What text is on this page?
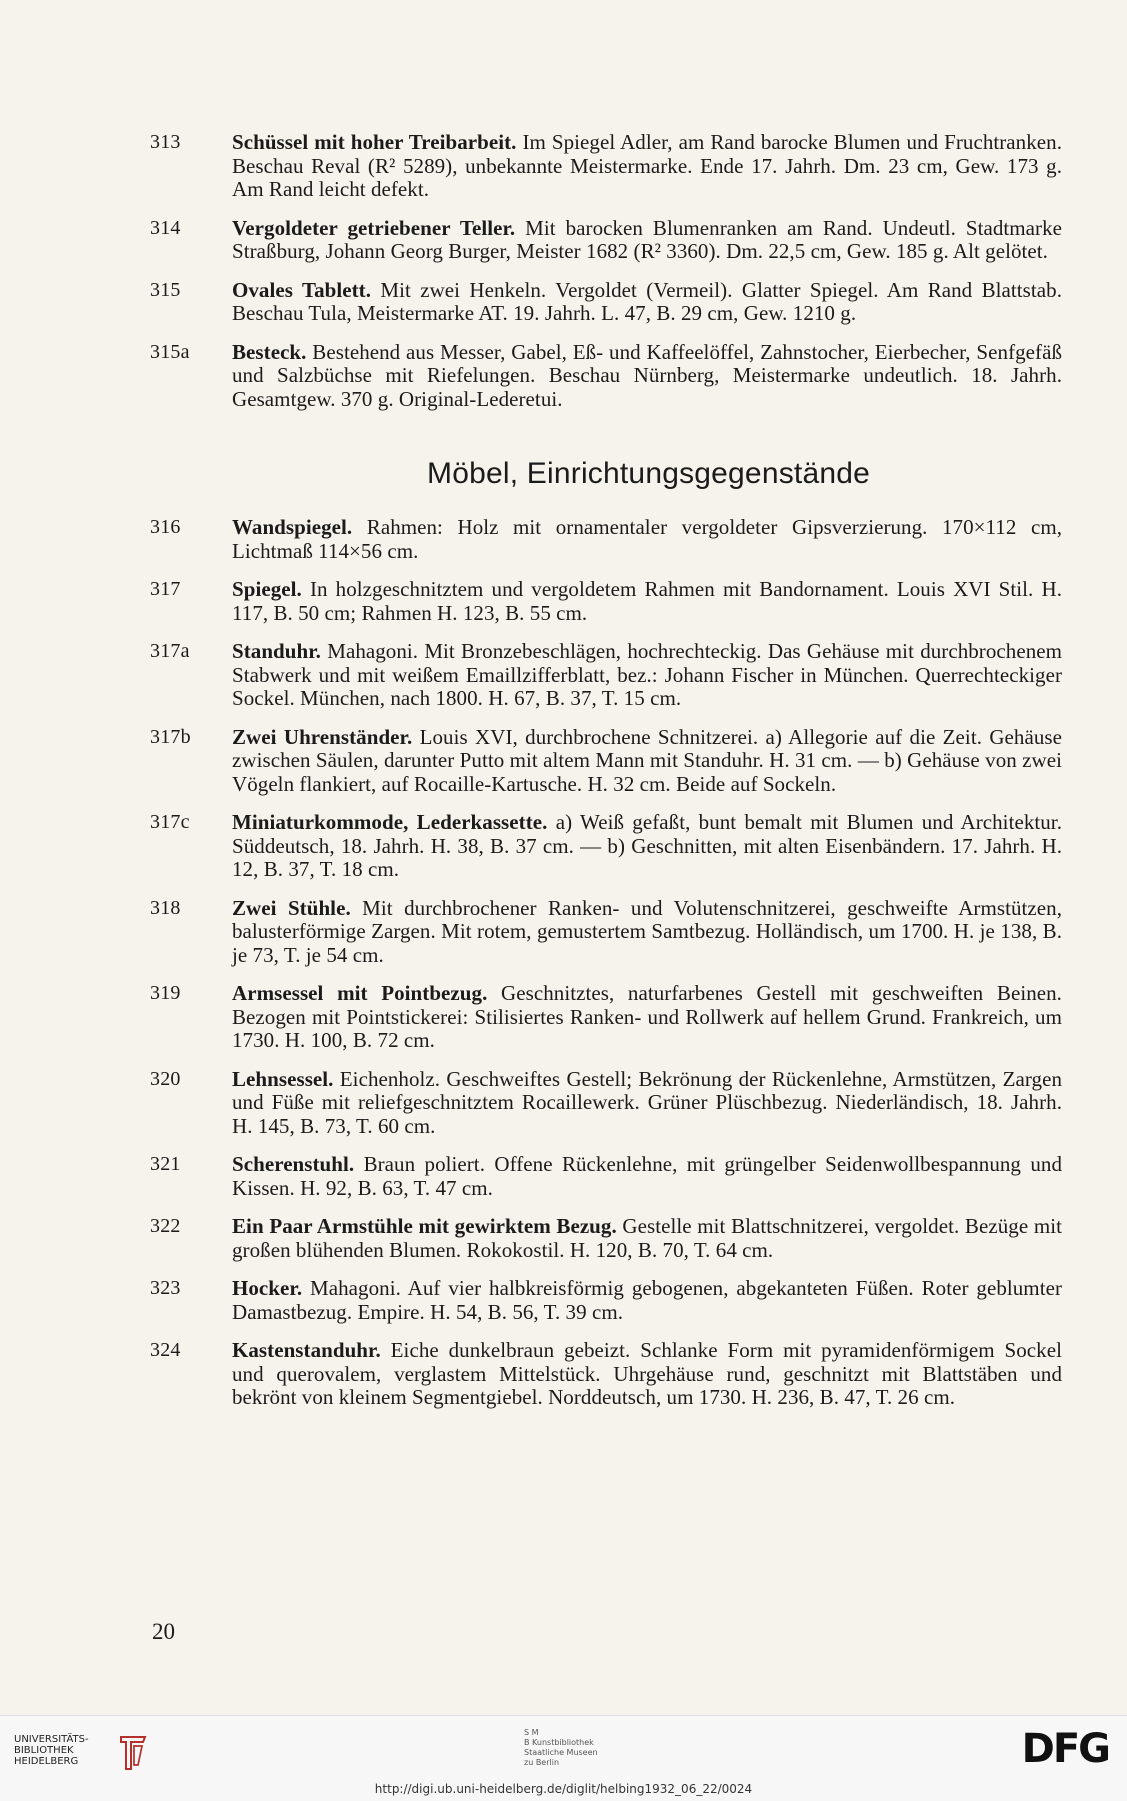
313	Schüssel mit hoher Treibarbeit. Im Spiegel Adler, am Rand barocke Blumen und Fruchtranken. Beschau Reval (R² 5289), unbekannte Meistermarke. Ende 17. Jahrh. Dm. 23 cm, Gew. 173 g. Am Rand leicht defekt.
314	Vergoldeter getriebener Teller. Mit barocken Blumenranken am Rand. Undeutl. Stadtmarke Straßburg, Johann Georg Burger, Meister 1682 (R² 3360). Dm. 22,5 cm, Gew. 185 g. Alt gelötet.
315	Ovales Tablett. Mit zwei Henkeln. Vergoldet (Vermeil). Glatter Spiegel. Am Rand Blattstab. Beschau Tula, Meistermarke AT. 19. Jahrh. L. 47, B. 29 cm, Gew. 1210 g.
315a	Besteck. Bestehend aus Messer, Gabel, Eß- und Kaffeelöffel, Zahnstocher, Eierbecher, Senfgefäß und Salzbüchse mit Riefelungen. Beschau Nürnberg, Meistermarke undeutlich. 18. Jahrh. Gesamtgew. 370 g. Original-Lederetui.
Möbel, Einrichtungsgegenstände
316	Wandspiegel. Rahmen: Holz mit ornamentaler vergoldeter Gipsverzierung. 170×112 cm, Lichtmaß 114×56 cm.
317	Spiegel. In holzgeschnitztem und vergoldetem Rahmen mit Bandornament. Louis XVI Stil. H. 117, B. 50 cm; Rahmen H. 123, B. 55 cm.
317a	Standuhr. Mahagoni. Mit Bronzebeschlägen, hochrechteckig. Das Gehäuse mit durchbrochenem Stabwerk und mit weißem Emaillzifferblatt, bez.: Johann Fischer in München. Querrechteckiger Sockel. München, nach 1800. H. 67, B. 37, T. 15 cm.
317b	Zwei Uhrenständer. Louis XVI, durchbrochene Schnitzerei. a) Allegorie auf die Zeit. Gehäuse zwischen Säulen, darunter Putto mit altem Mann mit Standuhr. H. 31 cm. — b) Gehäuse von zwei Vögeln flankiert, auf Rocaille-Kartusche. H. 32 cm. Beide auf Sockeln.
317c	Miniaturkommode, Lederkassette. a) Weiß gefaßt, bunt bemalt mit Blumen und Architektur. Süddeutsch, 18. Jahrh. H. 38, B. 37 cm. — b) Geschnitten, mit alten Eisenbändern. 17. Jahrh. H. 12, B. 37, T. 18 cm.
318	Zwei Stühle. Mit durchbrochener Ranken- und Volutenschnitzerei, geschweifte Armstützen, balusterförmige Zargen. Mit rotem, gemustertem Samtbezug. Holländisch, um 1700. H. je 138, B. je 73, T. je 54 cm.
319	Armsessel mit Pointbezug. Geschnitztes, naturfarbenes Gestell mit geschweiften Beinen. Bezogen mit Pointstickerei: Stilisiertes Ranken- und Rollwerk auf hellem Grund. Frankreich, um 1730. H. 100, B. 72 cm.
320	Lehnsessel. Eichenholz. Geschweiftes Gestell; Bekrönung der Rückenlehne, Armstützen, Zargen und Füße mit reliefgeschnitztem Rocaillewerk. Grüner Plüschbezug. Niederländisch, 18. Jahrh. H. 145, B. 73, T. 60 cm.
321	Scherenstuhl. Braun poliert. Offene Rückenlehne, mit grüngelber Seidenwollbespannung und Kissen. H. 92, B. 63, T. 47 cm.
322	Ein Paar Armstühle mit gewirktem Bezug. Gestelle mit Blattschnitzerei, vergoldet. Bezüge mit großen blühenden Blumen. Rokokostil. H. 120, B. 70, T. 64 cm.
323	Hocker. Mahagoni. Auf vier halbkreisförmig gebogenen, abgekanteten Füßen. Roter geblumter Damastbezug. Empire. H. 54, B. 56, T. 39 cm.
324	Kastenstanduhr. Eiche dunkelbraun gebeizt. Schlanke Form mit pyramidenförmigem Sockel und querovalem, verglastem Mittelstück. Uhrgehäuse rund, geschnitzt mit Blattstäben und bekrönt von kleinem Segmentgiebel. Norddeutsch, um 1730. H. 236, B. 47, T. 26 cm.
20
UNIVERSITÄTS-
BIBLIOTHEK
HEIDELBERG
S M
B Kunstbibliothek
Staatliche Museen
zu Berlin	DFG
http://digi.ub.uni-heidelberg.de/diglit/helbing1932_06_22/0024
